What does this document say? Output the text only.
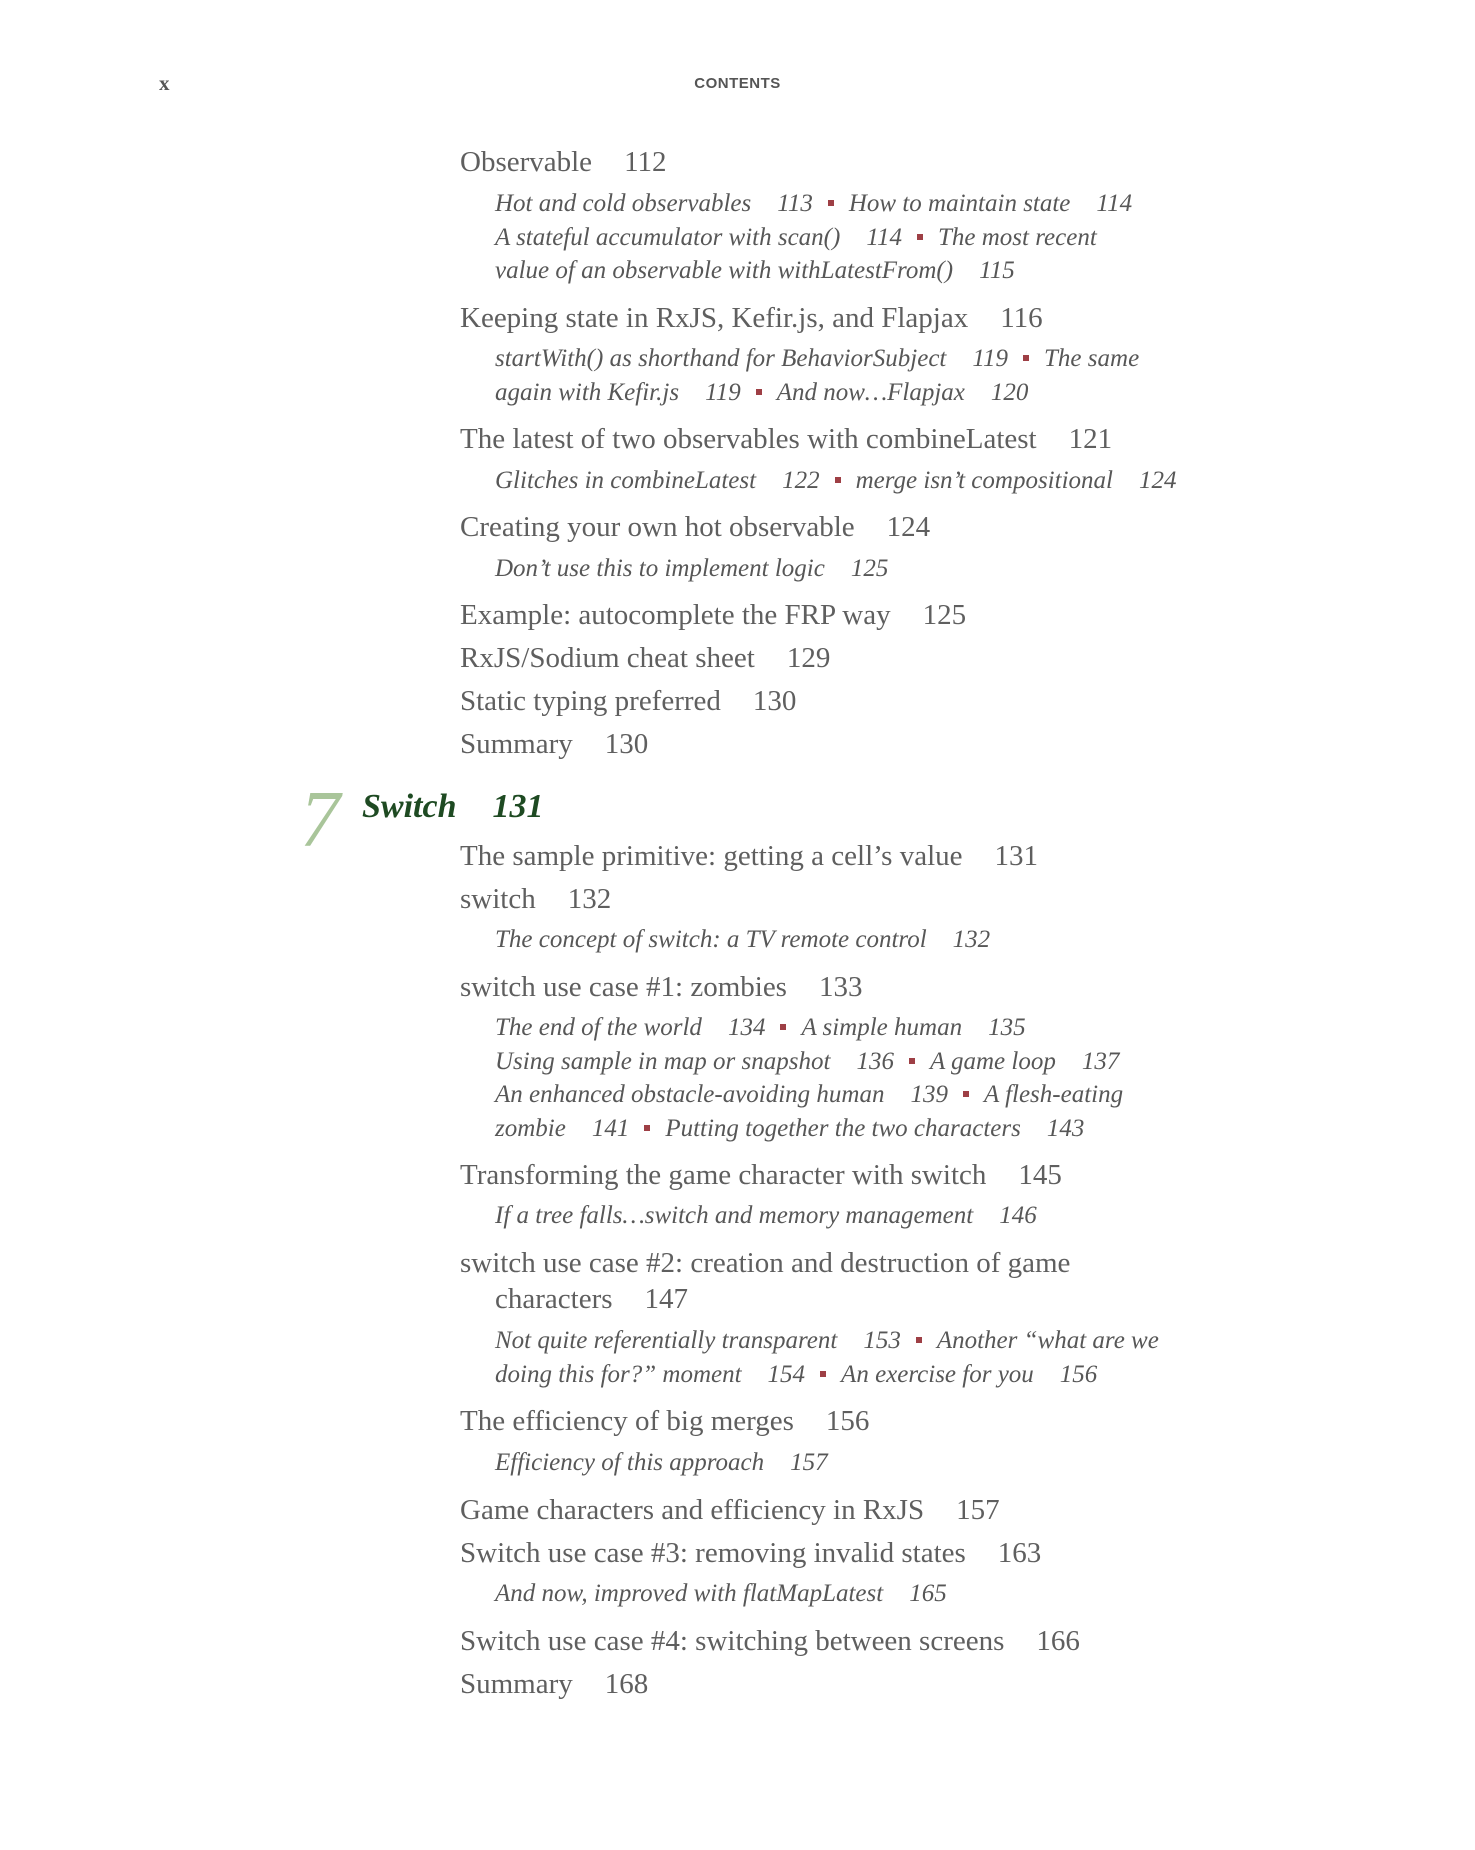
x	CONTENTS
Observable 112
Hot and cold observables 113 How to maintain state 114
A stateful accumulator with scan() 114 The most recent
value of an observable with withLatestFrom() 115
Keeping state in RxJS, Kefir.js, and Flapjax 116
startWith() as shorthand for BehaviorSubject 119 The same
again with Kefir.js 119 And now…Flapjax 120
The latest of two observables with combineLatest 121
Glitches in combineLatest 122 merge isn’t compositional 124
Creating your own hot observable 124
Don’t use this to implement logic 125
Example: autocomplete the FRP way 125
RxJS/Sodium cheat sheet 129
Static typing preferred 130
Summary 130
7 Switch 131
The sample primitive: getting a cell’s value 131
switch 132
The concept of switch: a TV remote control 132
switch use case #1: zombies 133
The end of the world 134 A simple human 135
Using sample in map or snapshot 136 A game loop 137
An enhanced obstacle-avoiding human 139 A flesh-eating
zombie 141 Putting together the two characters 143
Transforming the game character with switch 145
If a tree falls…switch and memory management 146
switch use case #2: creation and destruction of game
characters 147
Not quite referentially transparent 153 Another “what are we
doing this for?” moment 154 An exercise for you 156
The efficiency of big merges 156
Efficiency of this approach 157
Game characters and efficiency in RxJS 157
Switch use case #3: removing invalid states 163
And now, improved with flatMapLatest 165
Switch use case #4: switching between screens 166
Summary 168
